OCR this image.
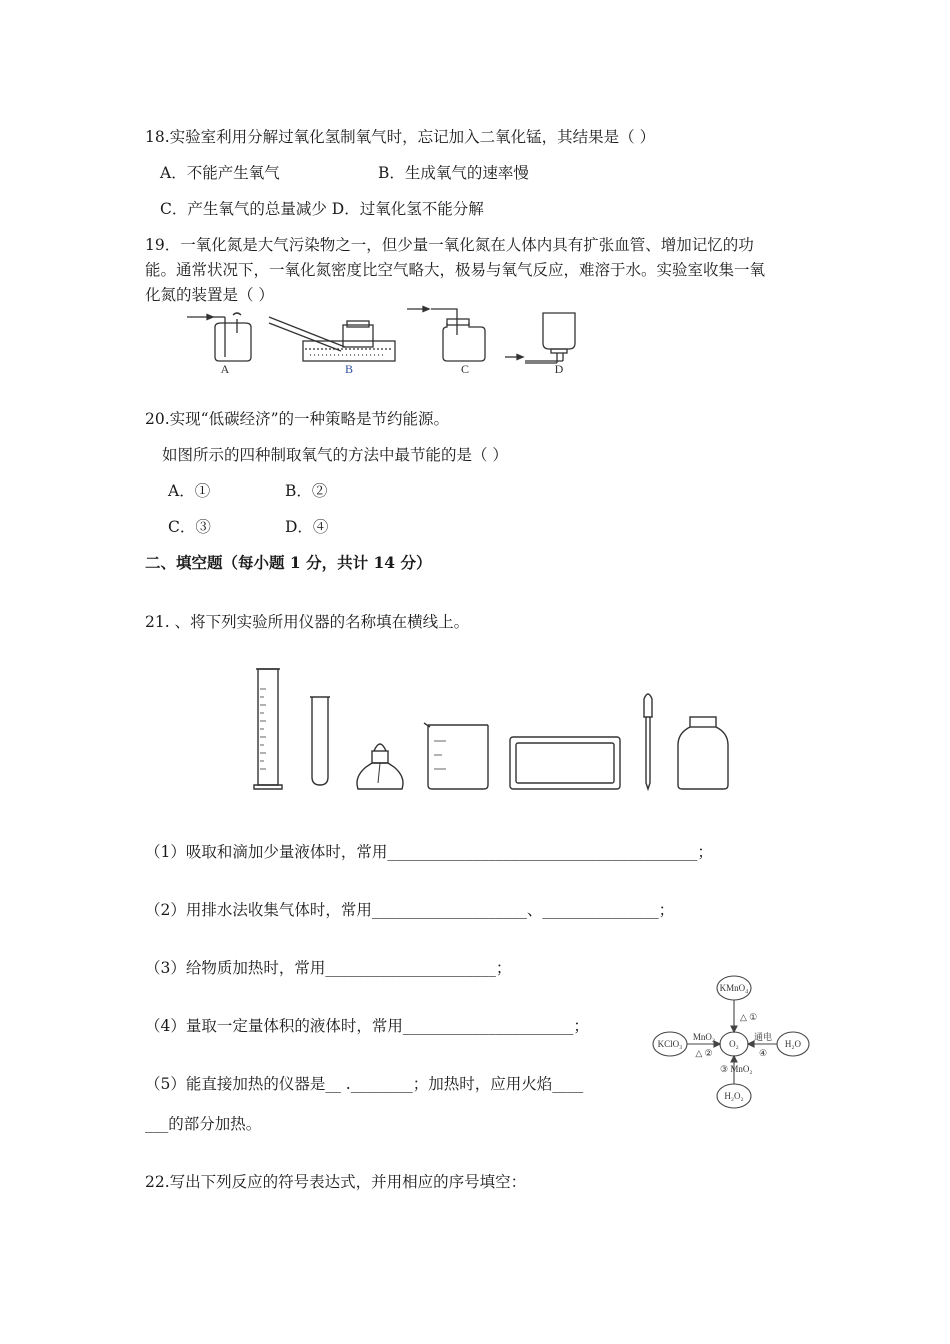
18.实验室利用分解过氧化氢制氧气时，忘记加入二氧化锰，其结果是（ ）
A．不能产生氧气	B．生成氧气的速率慢
C．产生氧气的总量减少 D．过氧化氢不能分解
19．一氧化氮是大气污染物之一，但少量一氧化氮在人体内具有扩张血管、增加记忆的功
能。通常状况下，一氧化氮密度比空气略大，极易与氧气反应，难溶于水。实验室收集一氧
化氮的装置是（ ）
A	B	C	D
20.实现“低碳经济”的一种策略是节约能源。
如图所示的四种制取氧气的方法中最节能的是（ ）
A．①	B．②
C．③	D．④
二、填空题（每小题 1 分，共计 14 分）
21. 、将下列实验所用仪器的名称填在横线上。
（1）吸取和滴加少量液体时，常用________________________________________；
（2）用排水法收集气体时，常用____________________、_______________；
（3）给物质加热时，常用______________________；
（4）量取一定量体积的液体时，常用______________________；
（5）能直接加热的仪器是__ .________；加热时，应用火焰____
___的部分加热。
KMnO₄
KClO₃	O₂	H₂O
H₂O₂
△ ①
MnO₂
△ ②
③ MnO₂
通电
④
22.写出下列反应的符号表达式，并用相应的序号填空：
